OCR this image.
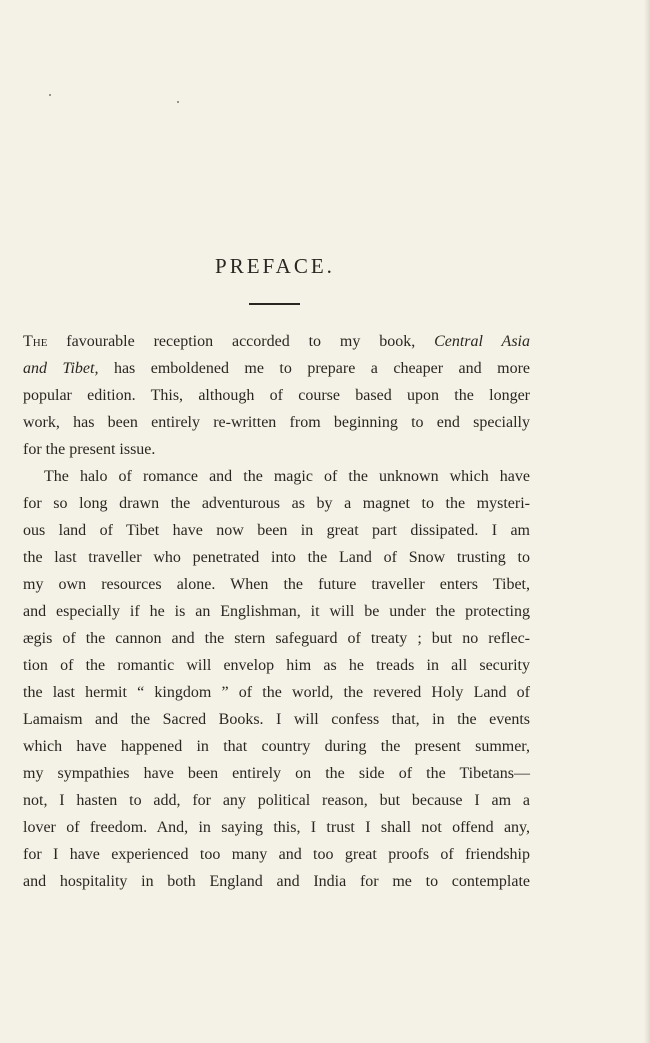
PREFACE.
The favourable reception accorded to my book, Central Asia
and Tibet, has emboldened me to prepare a cheaper and more
popular edition. This, although of course based upon the longer
work, has been entirely re-written from beginning to end specially
for the present issue.
The halo of romance and the magic of the unknown which have
for so long drawn the adventurous as by a magnet to the mysteri-
ous land of Tibet have now been in great part dissipated. I am
the last traveller who penetrated into the Land of Snow trusting to
my own resources alone. When the future traveller enters Tibet,
and especially if he is an Englishman, it will be under the protecting
ægis of the cannon and the stern safeguard of treaty ; but no reflec-
tion of the romantic will envelop him as he treads in all security
the last hermit “ kingdom ” of the world, the revered Holy Land of
Lamaism and the Sacred Books. I will confess that, in the events
which have happened in that country during the present summer,
my sympathies have been entirely on the side of the Tibetans—
not, I hasten to add, for any political reason, but because I am a
lover of freedom. And, in saying this, I trust I shall not offend any,
for I have experienced too many and too great proofs of friendship
and hospitality in both England and India for me to contemplate
